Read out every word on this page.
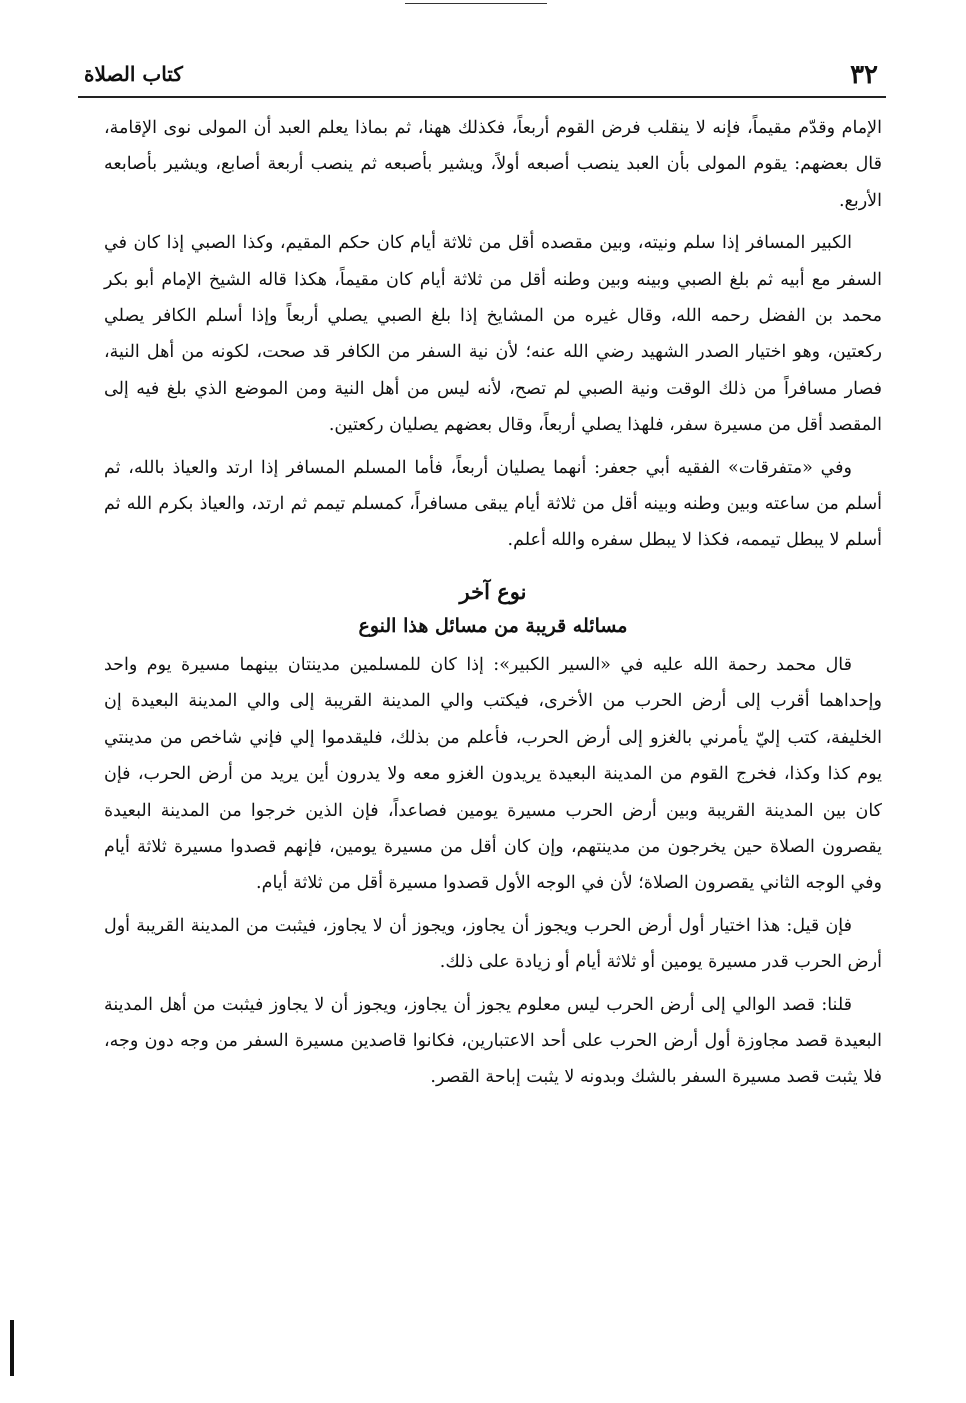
٣٢
كتاب الصلاة

الإمام وقدّم مقيماً، فإنه لا ينقلب فرض القوم أربعاً، فكذلك ههنا، ثم بماذا يعلم العبد أن المولى نوى الإقامة، قال بعضهم: يقوم المولى بأن العبد ينصب أصبعه أولاً، ويشير بأصبعه ثم ينصب أربعة أصابع، ويشير بأصابعه الأربع.

الكبير المسافر إذا سلم ونيته، وبين مقصده أقل من ثلاثة أيام كان حكم المقيم، وكذا الصبي إذا كان في السفر مع أبيه ثم بلغ الصبي وبينه وبين وطنه أقل من ثلاثة أيام كان مقيماً، هكذا قاله الشيخ الإمام أبو بكر محمد بن الفضل رحمه الله، وقال غيره من المشايخ إذا بلغ الصبي يصلي أربعاً وإذا أسلم الكافر يصلي ركعتين، وهو اختيار الصدر الشهيد رضي الله عنه؛ لأن نية السفر من الكافر قد صحت، لكونه من أهل النية، فصار مسافراً من ذلك الوقت ونية الصبي لم تصح، لأنه ليس من أهل النية ومن الموضع الذي بلغ فيه إلى المقصد أقل من مسيرة سفر، فلهذا يصلي أربعاً، وقال بعضهم يصليان ركعتين.

وفي «متفرقات» الفقيه أبي جعفر: أنهما يصليان أربعاً، فأما المسلم المسافر إذا ارتد والعياذ بالله، ثم أسلم من ساعته وبين وطنه وبينه أقل من ثلاثة أيام يبقى مسافراً، كمسلم تيمم ثم ارتد، والعياذ بكرم الله ثم أسلم لا يبطل تيممه، فكذا لا يبطل سفره والله أعلم.

نوع آخر
مسائله قريبة من مسائل هذا النوع

قال محمد رحمة الله عليه في «السير الكبير»: إذا كان للمسلمين مدينتان بينهما مسيرة يوم واحد وإحداهما أقرب إلى أرض الحرب من الأخرى، فيكتب والي المدينة القريبة إلى والي المدينة البعيدة إن الخليفة، كتب إليّ يأمرني بالغزو إلى أرض الحرب، فأعلم من بذلك، فليقدموا إلي فإني شاخص من مدينتي يوم كذا وكذا، فخرج القوم من المدينة البعيدة يريدون الغزو معه ولا يدرون أين يريد من أرض الحرب، فإن كان بين المدينة القريبة وبين أرض الحرب مسيرة يومين فصاعداً، فإن الذين خرجوا من المدينة البعيدة يقصرون الصلاة حين يخرجون من مدينتهم، وإن كان أقل من مسيرة يومين، فإنهم قصدوا مسيرة ثلاثة أيام وفي الوجه الثاني يقصرون الصلاة؛ لأن في الوجه الأول قصدوا مسيرة أقل من ثلاثة أيام.

فإن قيل: هذا اختيار أول أرض الحرب ويجوز أن يجاوز، ويجوز أن لا يجاوز، فيثبت من المدينة القريبة أول أرض الحرب قدر مسيرة يومين أو ثلاثة أيام أو زيادة على ذلك.

قلنا: قصد الوالي إلى أرض الحرب ليس معلوم يجوز أن يجاوز، ويجوز أن لا يجاوز فيثبت من أهل المدينة البعيدة قصد مجاوزة أول أرض الحرب على أحد الاعتبارين، فكانوا قاصدين مسيرة السفر من وجه دون وجه، فلا يثبت قصد مسيرة السفر بالشك وبدونه لا يثبت إباحة القصر.
